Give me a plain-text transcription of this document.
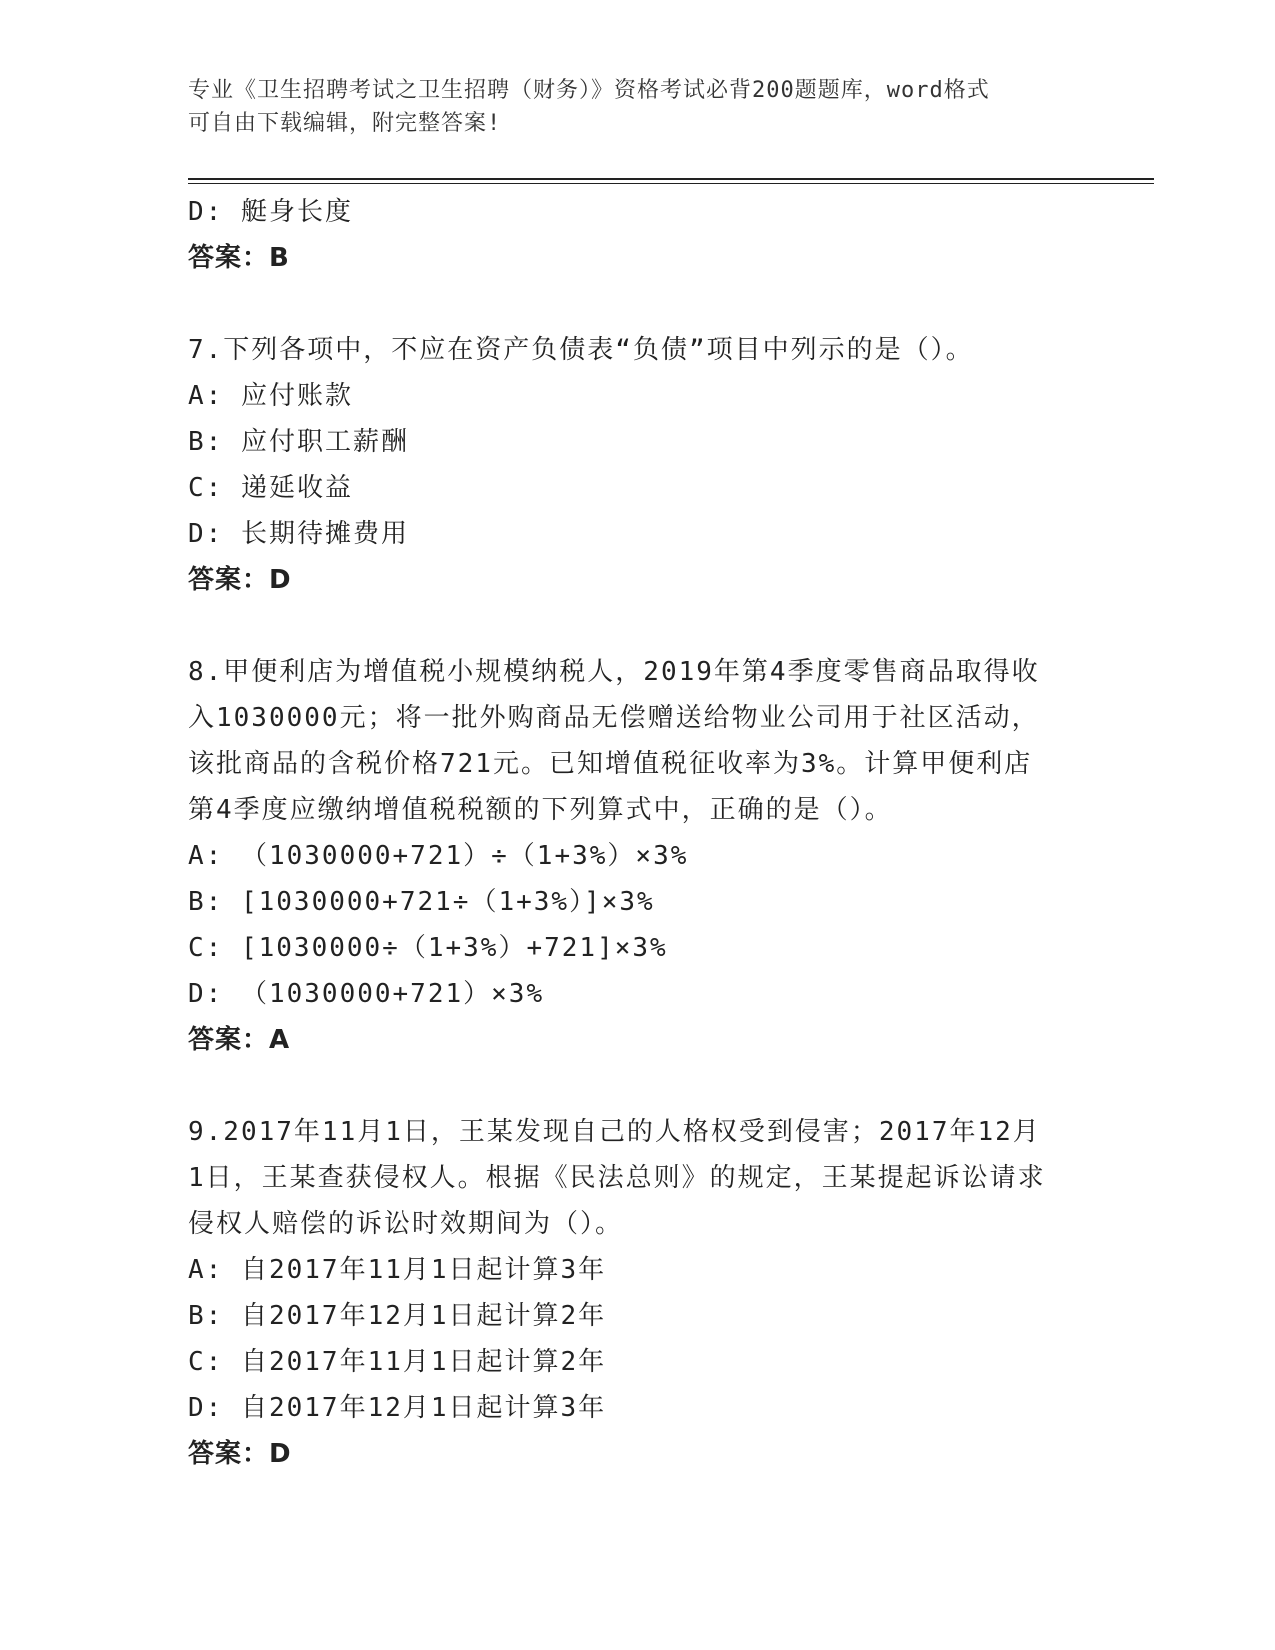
专业《卫生招聘考试之卫生招聘（财务）》资格考试必背200题题库，word格式
可自由下载编辑，附完整答案!
D: 艇身长度
答案：B
7.下列各项中，不应在资产负债表“负债”项目中列示的是（）。
A: 应付账款
B: 应付职工薪酬
C: 递延收益
D: 长期待摊费用
答案：D
8.甲便利店为增值税小规模纳税人，2019年第4季度零售商品取得收
入1030000元；将一批外购商品无偿赠送给物业公司用于社区活动，
该批商品的含税价格721元。已知增值税征收率为3%。计算甲便利店
第4季度应缴纳增值税税额的下列算式中，正确的是（）。
A: （1030000+721）÷（1+3%）×3%
B: [1030000+721÷（1+3%）]×3%
C: [1030000÷（1+3%）+721]×3%
D: （1030000+721）×3%
答案：A
9.2017年11月1日，王某发现自己的人格权受到侵害；2017年12月
1日，王某查获侵权人。根据《民法总则》的规定，王某提起诉讼请求
侵权人赔偿的诉讼时效期间为（）。
A: 自2017年11月1日起计算3年
B: 自2017年12月1日起计算2年
C: 自2017年11月1日起计算2年
D: 自2017年12月1日起计算3年
答案：D
